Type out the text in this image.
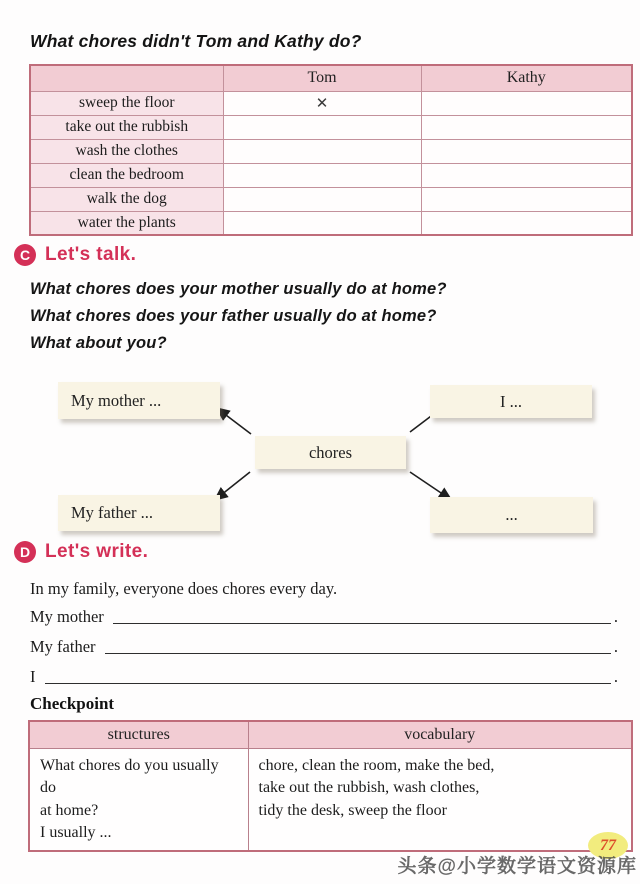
What chores didn't Tom and Kathy do?
	Tom	Kathy
sweep the floor	✕	
take out the rubbish		
wash the clothes		
clean the bedroom		
walk the dog		
water the plants		
C Let's talk.
What chores does your mother usually do at home?
What chores does your father usually do at home?
What about you?
My mother ...	I ...
chores
My father ...	...
D Let's write.
In my family, everyone does chores every day.
My mother	.
My father	.
I	.
Checkpoint
structures	vocabulary

What chores do you usually do
at home?
I usually ...

chore, clean the room, make the bed,
take out the rubbish, wash clothes,
tidy the desk, sweep the floor
77
头条@小学数学语文资源库
